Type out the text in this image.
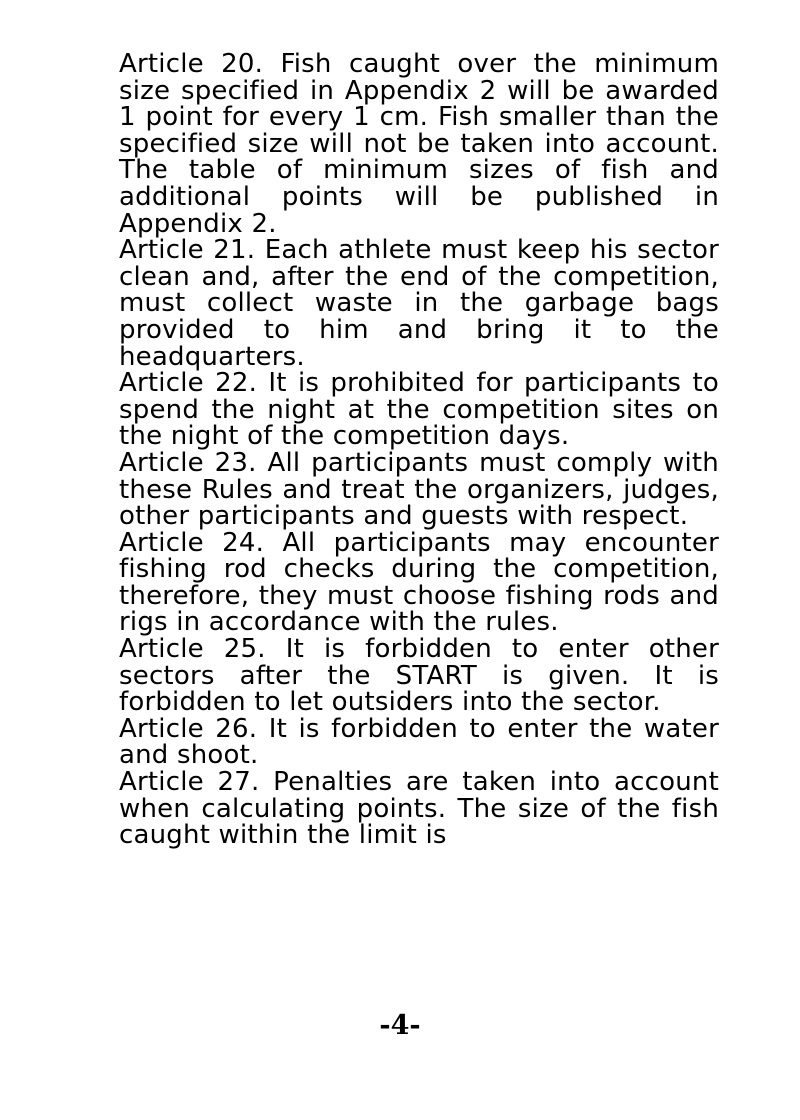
Article 20. Fish caught over the minimum size specified in Appendix 2 will be awarded 1 point for every 1 cm. Fish smaller than the specified size will not be taken into account. The table of minimum sizes of fish and additional points will be published in Appendix 2.

Article 21. Each athlete must keep his sector clean and, after the end of the competition, must collect waste in the garbage bags provided to him and bring it to the headquarters.

Article 22. It is prohibited for participants to spend the night at the competition sites on the night of the competition days.

Article 23. All participants must comply with these Rules and treat the organizers, judges, other participants and guests with respect.

Article 24. All participants may encounter fishing rod checks during the competition, therefore, they must choose fishing rods and rigs in accordance with the rules.

Article 25. It is forbidden to enter other sectors after the START is given. It is forbidden to let outsiders into the sector.

Article 26. It is forbidden to enter the water and shoot.

Article 27. Penalties are taken into account when calculating points. The size of the fish caught within the limit is

-4-
